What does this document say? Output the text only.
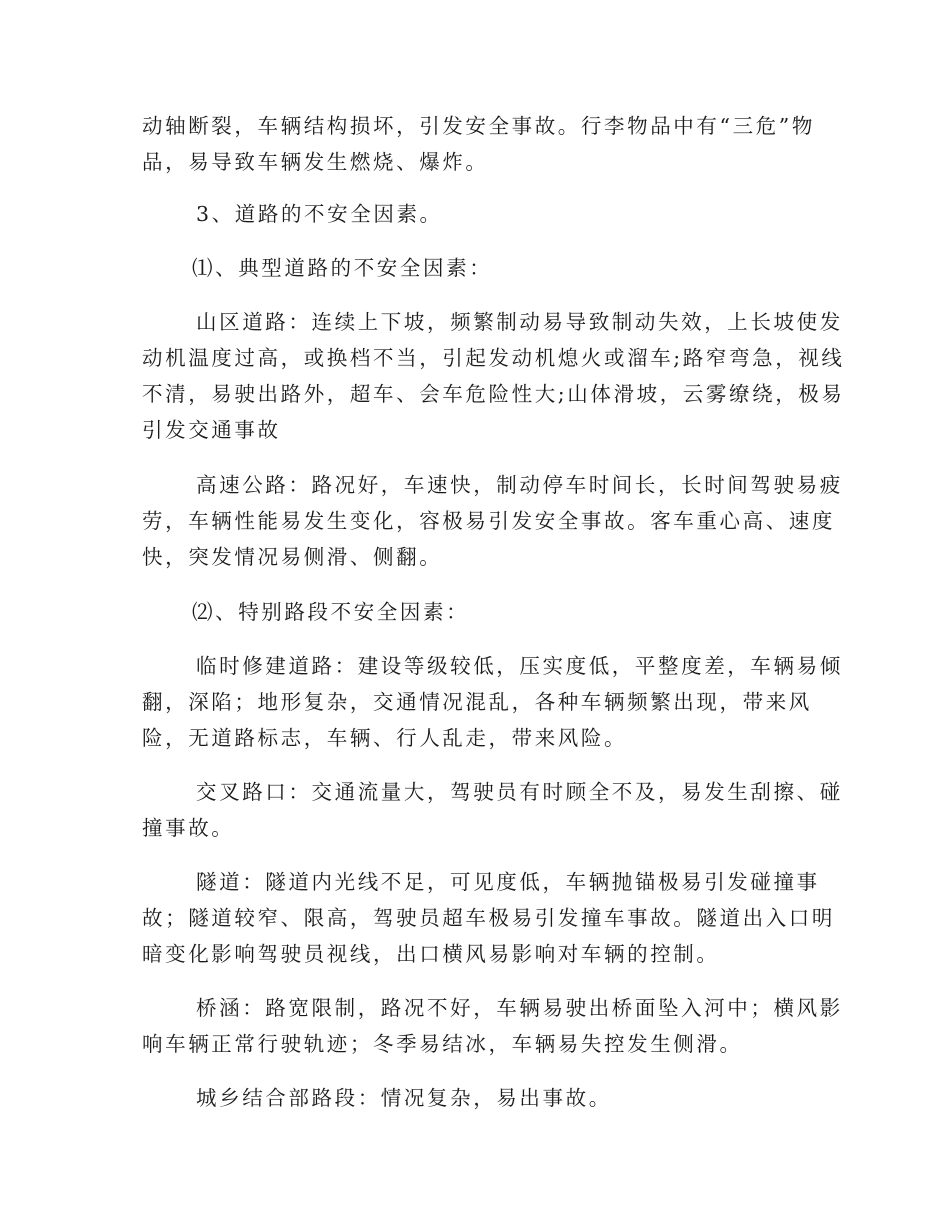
动轴断裂，车辆结构损坏，引发安全事故。行李物品中有“三危”物
品，易导致车辆发生燃烧、爆炸。

3、道路的不安全因素。

⑴、典型道路的不安全因素：

山区道路：连续上下坡，频繁制动易导致制动失效，上长坡使发
动机温度过高，或换档不当，引起发动机熄火或溜车;路窄弯急，视线
不清，易驶出路外，超车、会车危险性大;山体滑坡，云雾缭绕，极易
引发交通事故

高速公路：路况好，车速快，制动停车时间长，长时间驾驶易疲
劳，车辆性能易发生变化，容极易引发安全事故。客车重心高、速度
快，突发情况易侧滑、侧翻。

⑵、特别路段不安全因素：

临时修建道路：建设等级较低，压实度低，平整度差，车辆易倾
翻，深陷；地形复杂，交通情况混乱，各种车辆频繁出现，带来风
险，无道路标志，车辆、行人乱走，带来风险。

交叉路口：交通流量大，驾驶员有时顾全不及，易发生刮擦、碰
撞事故。

隧道：隧道内光线不足，可见度低，车辆抛锚极易引发碰撞事
故；隧道较窄、限高，驾驶员超车极易引发撞车事故。隧道出入口明
暗变化影响驾驶员视线，出口横风易影响对车辆的控制。

桥涵：路宽限制，路况不好，车辆易驶出桥面坠入河中；横风影
响车辆正常行驶轨迹；冬季易结冰，车辆易失控发生侧滑。

城乡结合部路段：情况复杂，易出事故。
